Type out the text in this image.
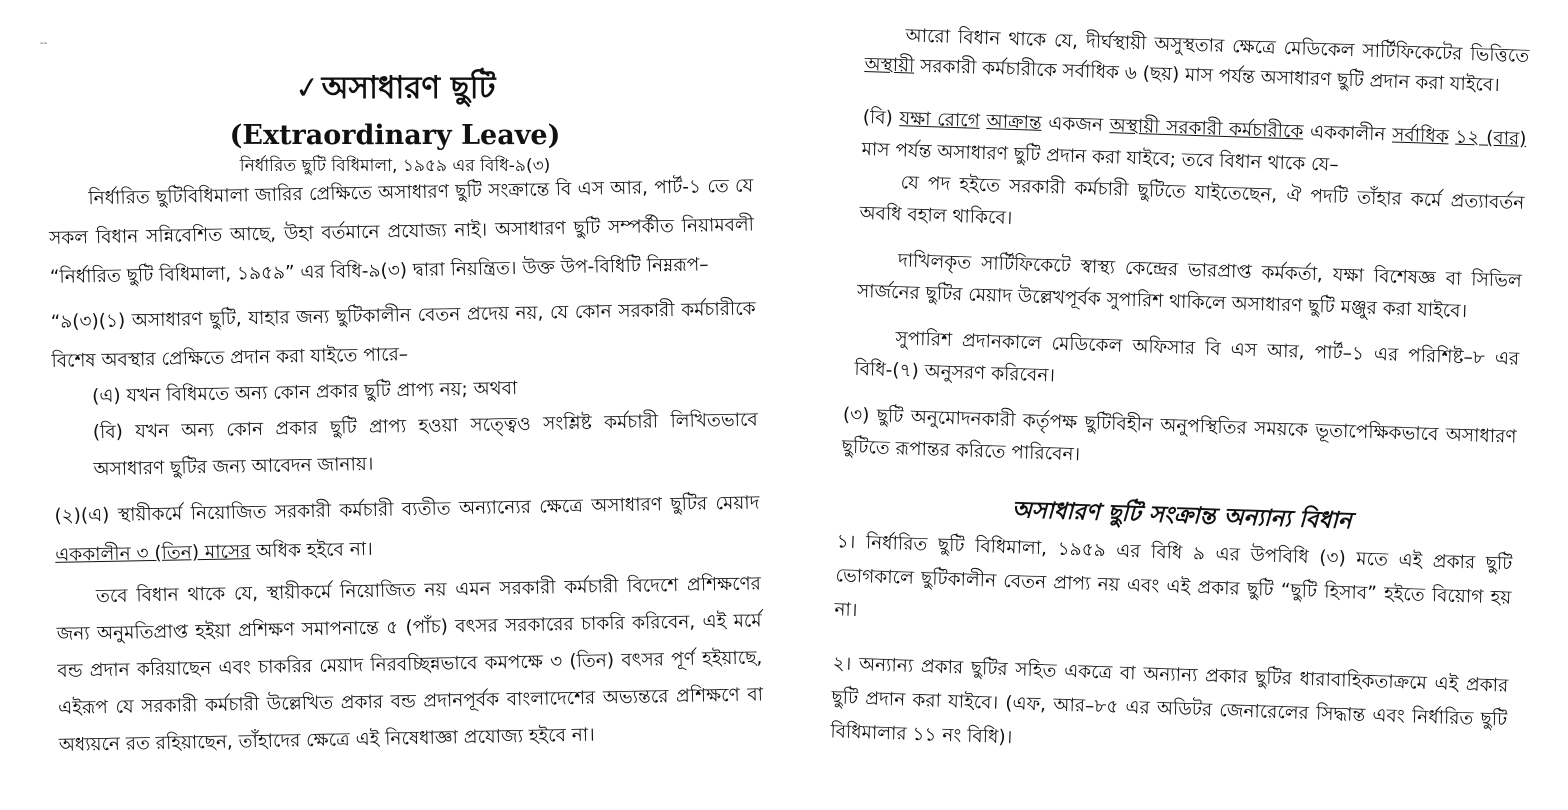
--
✓অসাধারণ ছুটি
(Extraordinary Leave)
নির্ধারিত ছুটি বিধিমালা, ১৯৫৯ এর বিধি-৯(৩)

নির্ধারিত ছুটিবিধিমালা জারির প্রেক্ষিতে অসাধারণ ছুটি সংক্রান্তে বি এস আর, পার্ট-১ তে যে সকল বিধান সন্নিবেশিত আছে, উহা বর্তমানে প্রযোজ্য নাই। অসাধারণ ছুটি সম্পর্কীত নিয়ামবলী “নির্ধারিত ছুটি বিধিমালা, ১৯৫৯” এর বিধি-৯(৩) দ্বারা নিয়ন্ত্রিত। উক্ত উপ-বিধিটি নিম্নরূপ–

“৯(৩)(১) অসাধারণ ছুটি, যাহার জন্য ছুটিকালীন বেতন প্রদেয় নয়, যে কোন সরকারী কর্মচারীকে বিশেষ অবস্থার প্রেক্ষিতে প্রদান করা যাইতে পারে–

(এ) যখন বিধিমতে অন্য কোন প্রকার ছুটি প্রাপ্য নয়; অথবা

(বি) যখন অন্য কোন প্রকার ছুটি প্রাপ্য হওয়া সত্ত্বেও সংশ্লিষ্ট কর্মচারী লিখিতভাবে অসাধারণ ছুটির জন্য আবেদন জানায়।

(২)(এ) স্থায়ীকর্মে নিয়োজিত সরকারী কর্মচারী ব্যতীত অন্যান্যের ক্ষেত্রে অসাধারণ ছুটির মেয়াদ এককালীন ৩ (তিন) মাসের অধিক হইবে না।

তবে বিধান থাকে যে, স্থায়ীকর্মে নিয়োজিত নয় এমন সরকারী কর্মচারী বিদেশে প্রশিক্ষণের জন্য অনুমতিপ্রাপ্ত হইয়া প্রশিক্ষণ সমাপনান্তে ৫ (পাঁচ) বৎসর সরকারের চাকরি করিবেন, এই মর্মে বন্ড প্রদান করিয়াছেন এবং চাকরির মেয়াদ নিরবচ্ছিন্নভাবে কমপক্ষে ৩ (তিন) বৎসর পূর্ণ হইয়াছে, এইরূপ যে সরকারী কর্মচারী উল্লেখিত প্রকার বন্ড প্রদানপূর্বক বাংলাদেশের অভ্যন্তরে প্রশিক্ষণে বা অধ্যয়নে রত রহিয়াছেন, তাঁহাদের ক্ষেত্রে এই নিষেধাজ্ঞা প্রযোজ্য হইবে না।

আরো বিধান থাকে যে, দীর্ঘস্থায়ী অসুস্থতার ক্ষেত্রে মেডিকেল সার্টিফিকেটের ভিত্তিতে অস্থায়ী সরকারী কর্মচারীকে সর্বাধিক ৬ (ছয়) মাস পর্যন্ত অসাধারণ ছুটি প্রদান করা যাইবে।

(বি) যক্ষা রোগে আক্রান্ত একজন অস্থায়ী সরকারী কর্মচারীকে এককালীন সর্বাধিক ১২ (বার) মাস পর্যন্ত অসাধারণ ছুটি প্রদান করা যাইবে; তবে বিধান থাকে যে–

যে পদ হইতে সরকারী কর্মচারী ছুটিতে যাইতেছেন, ঐ পদটি তাঁহার কর্মে প্রত্যাবর্তন অবধি বহাল থাকিবে।

দাখিলকৃত সার্টিফিকেটে স্বাস্থ্য কেন্দ্রের ভারপ্রাপ্ত কর্মকর্তা, যক্ষা বিশেষজ্ঞ বা সিভিল সার্জনের ছুটির মেয়াদ উল্লেখপূর্বক সুপারিশ থাকিলে অসাধারণ ছুটি মঞ্জুর করা যাইবে।

সুপারিশ প্রদানকালে মেডিকেল অফিসার বি এস আর, পার্ট–১ এর পরিশিষ্ট–৮ এর বিধি-(৭) অনুসরণ করিবেন।

(৩) ছুটি অনুমোদনকারী কর্তৃপক্ষ ছুটিবিহীন অনুপস্থিতির সময়কে ভূতাপেক্ষিকভাবে অসাধারণ ছুটিতে রূপান্তর করিতে পারিবেন।

অসাধারণ ছুটি সংক্রান্ত অন্যান্য বিধান

১। নির্ধারিত ছুটি বিধিমালা, ১৯৫৯ এর বিধি ৯ এর উপবিধি (৩) মতে এই প্রকার ছুটি ভোগকালে ছুটিকালীন বেতন প্রাপ্য নয় এবং এই প্রকার ছুটি “ছুটি হিসাব” হইতে বিয়োগ হয় না।

২। অন্যান্য প্রকার ছুটির সহিত একত্রে বা অন্যান্য প্রকার ছুটির ধারাবাহিকতাক্রমে এই প্রকার ছুটি প্রদান করা যাইবে। (এফ, আর–৮৫ এর অডিটর জেনারেলের সিদ্ধান্ত এবং নির্ধারিত ছুটি বিধিমালার ১১ নং বিধি)।
